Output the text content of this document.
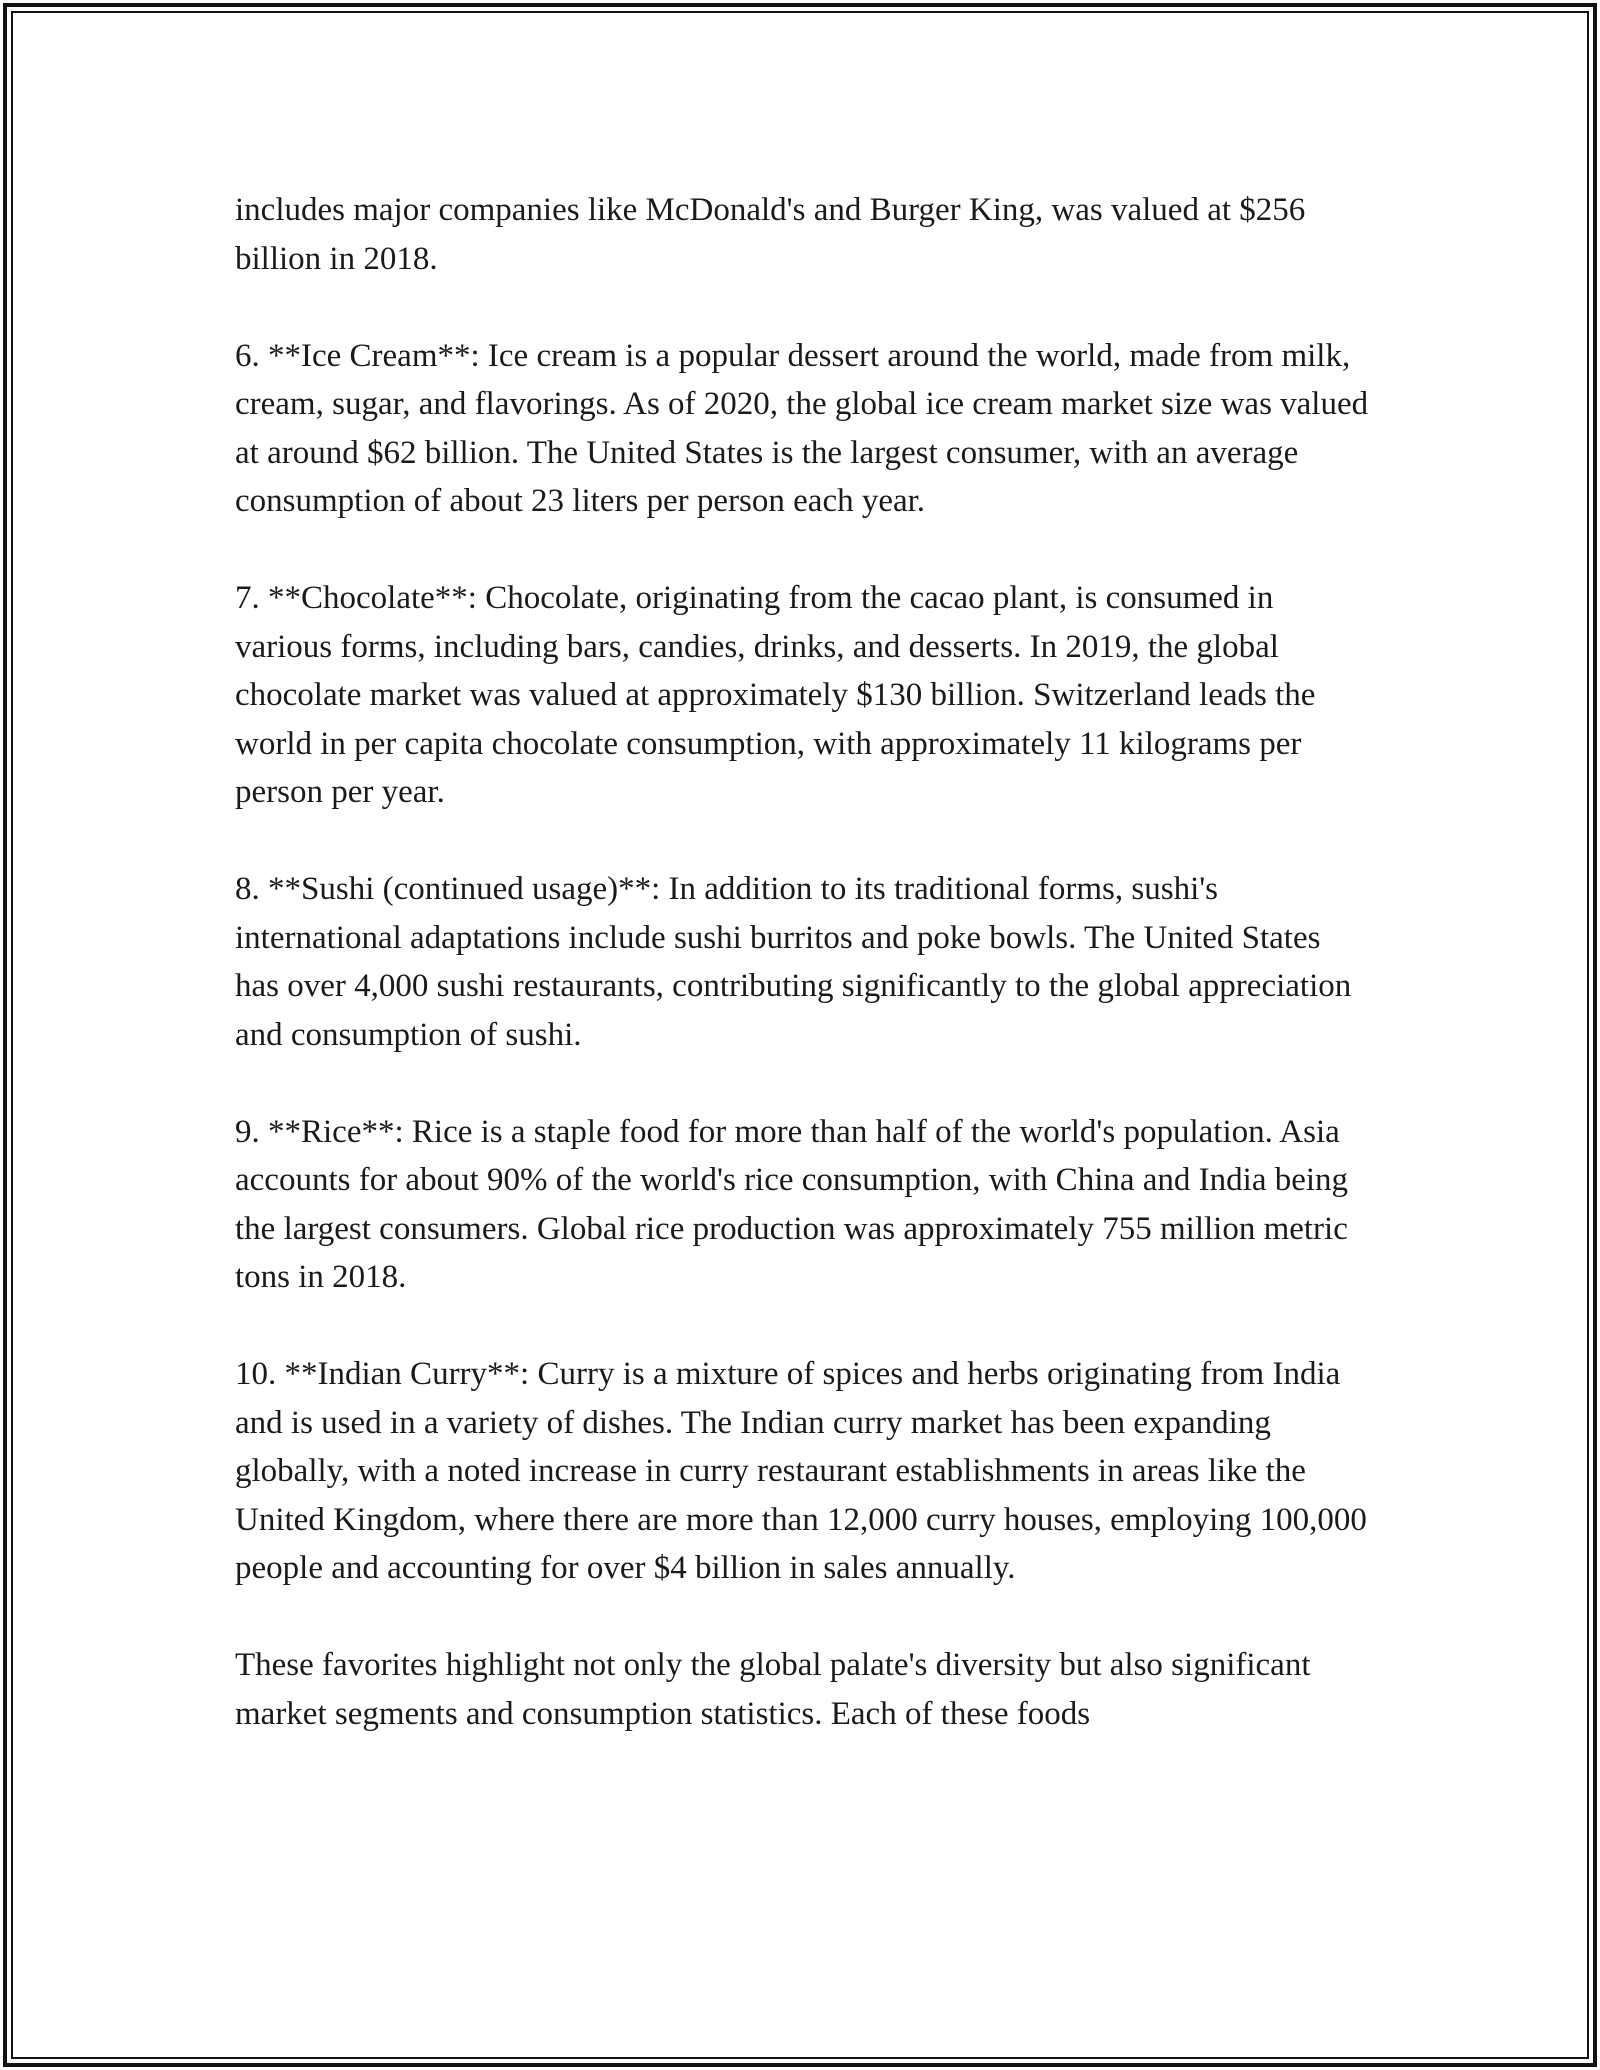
includes major companies like McDonald's and Burger King, was valued at $256 billion in 2018.

6. **Ice Cream**: Ice cream is a popular dessert around the world, made from milk, cream, sugar, and flavorings. As of 2020, the global ice cream market size was valued at around $62 billion. The United States is the largest consumer, with an average consumption of about 23 liters per person each year.

7. **Chocolate**: Chocolate, originating from the cacao plant, is consumed in various forms, including bars, candies, drinks, and desserts. In 2019, the global chocolate market was valued at approximately $130 billion. Switzerland leads the world in per capita chocolate consumption, with approximately 11 kilograms per person per year.

8. **Sushi (continued usage)**: In addition to its traditional forms, sushi's international adaptations include sushi burritos and poke bowls. The United States has over 4,000 sushi restaurants, contributing significantly to the global appreciation and consumption of sushi.

9. **Rice**: Rice is a staple food for more than half of the world's population. Asia accounts for about 90% of the world's rice consumption, with China and India being the largest consumers. Global rice production was approximately 755 million metric tons in 2018.

10. **Indian Curry**: Curry is a mixture of spices and herbs originating from India and is used in a variety of dishes. The Indian curry market has been expanding globally, with a noted increase in curry restaurant establishments in areas like the United Kingdom, where there are more than 12,000 curry houses, employing 100,000 people and accounting for over $4 billion in sales annually.

These favorites highlight not only the global palate's diversity but also significant market segments and consumption statistics. Each of these foods
